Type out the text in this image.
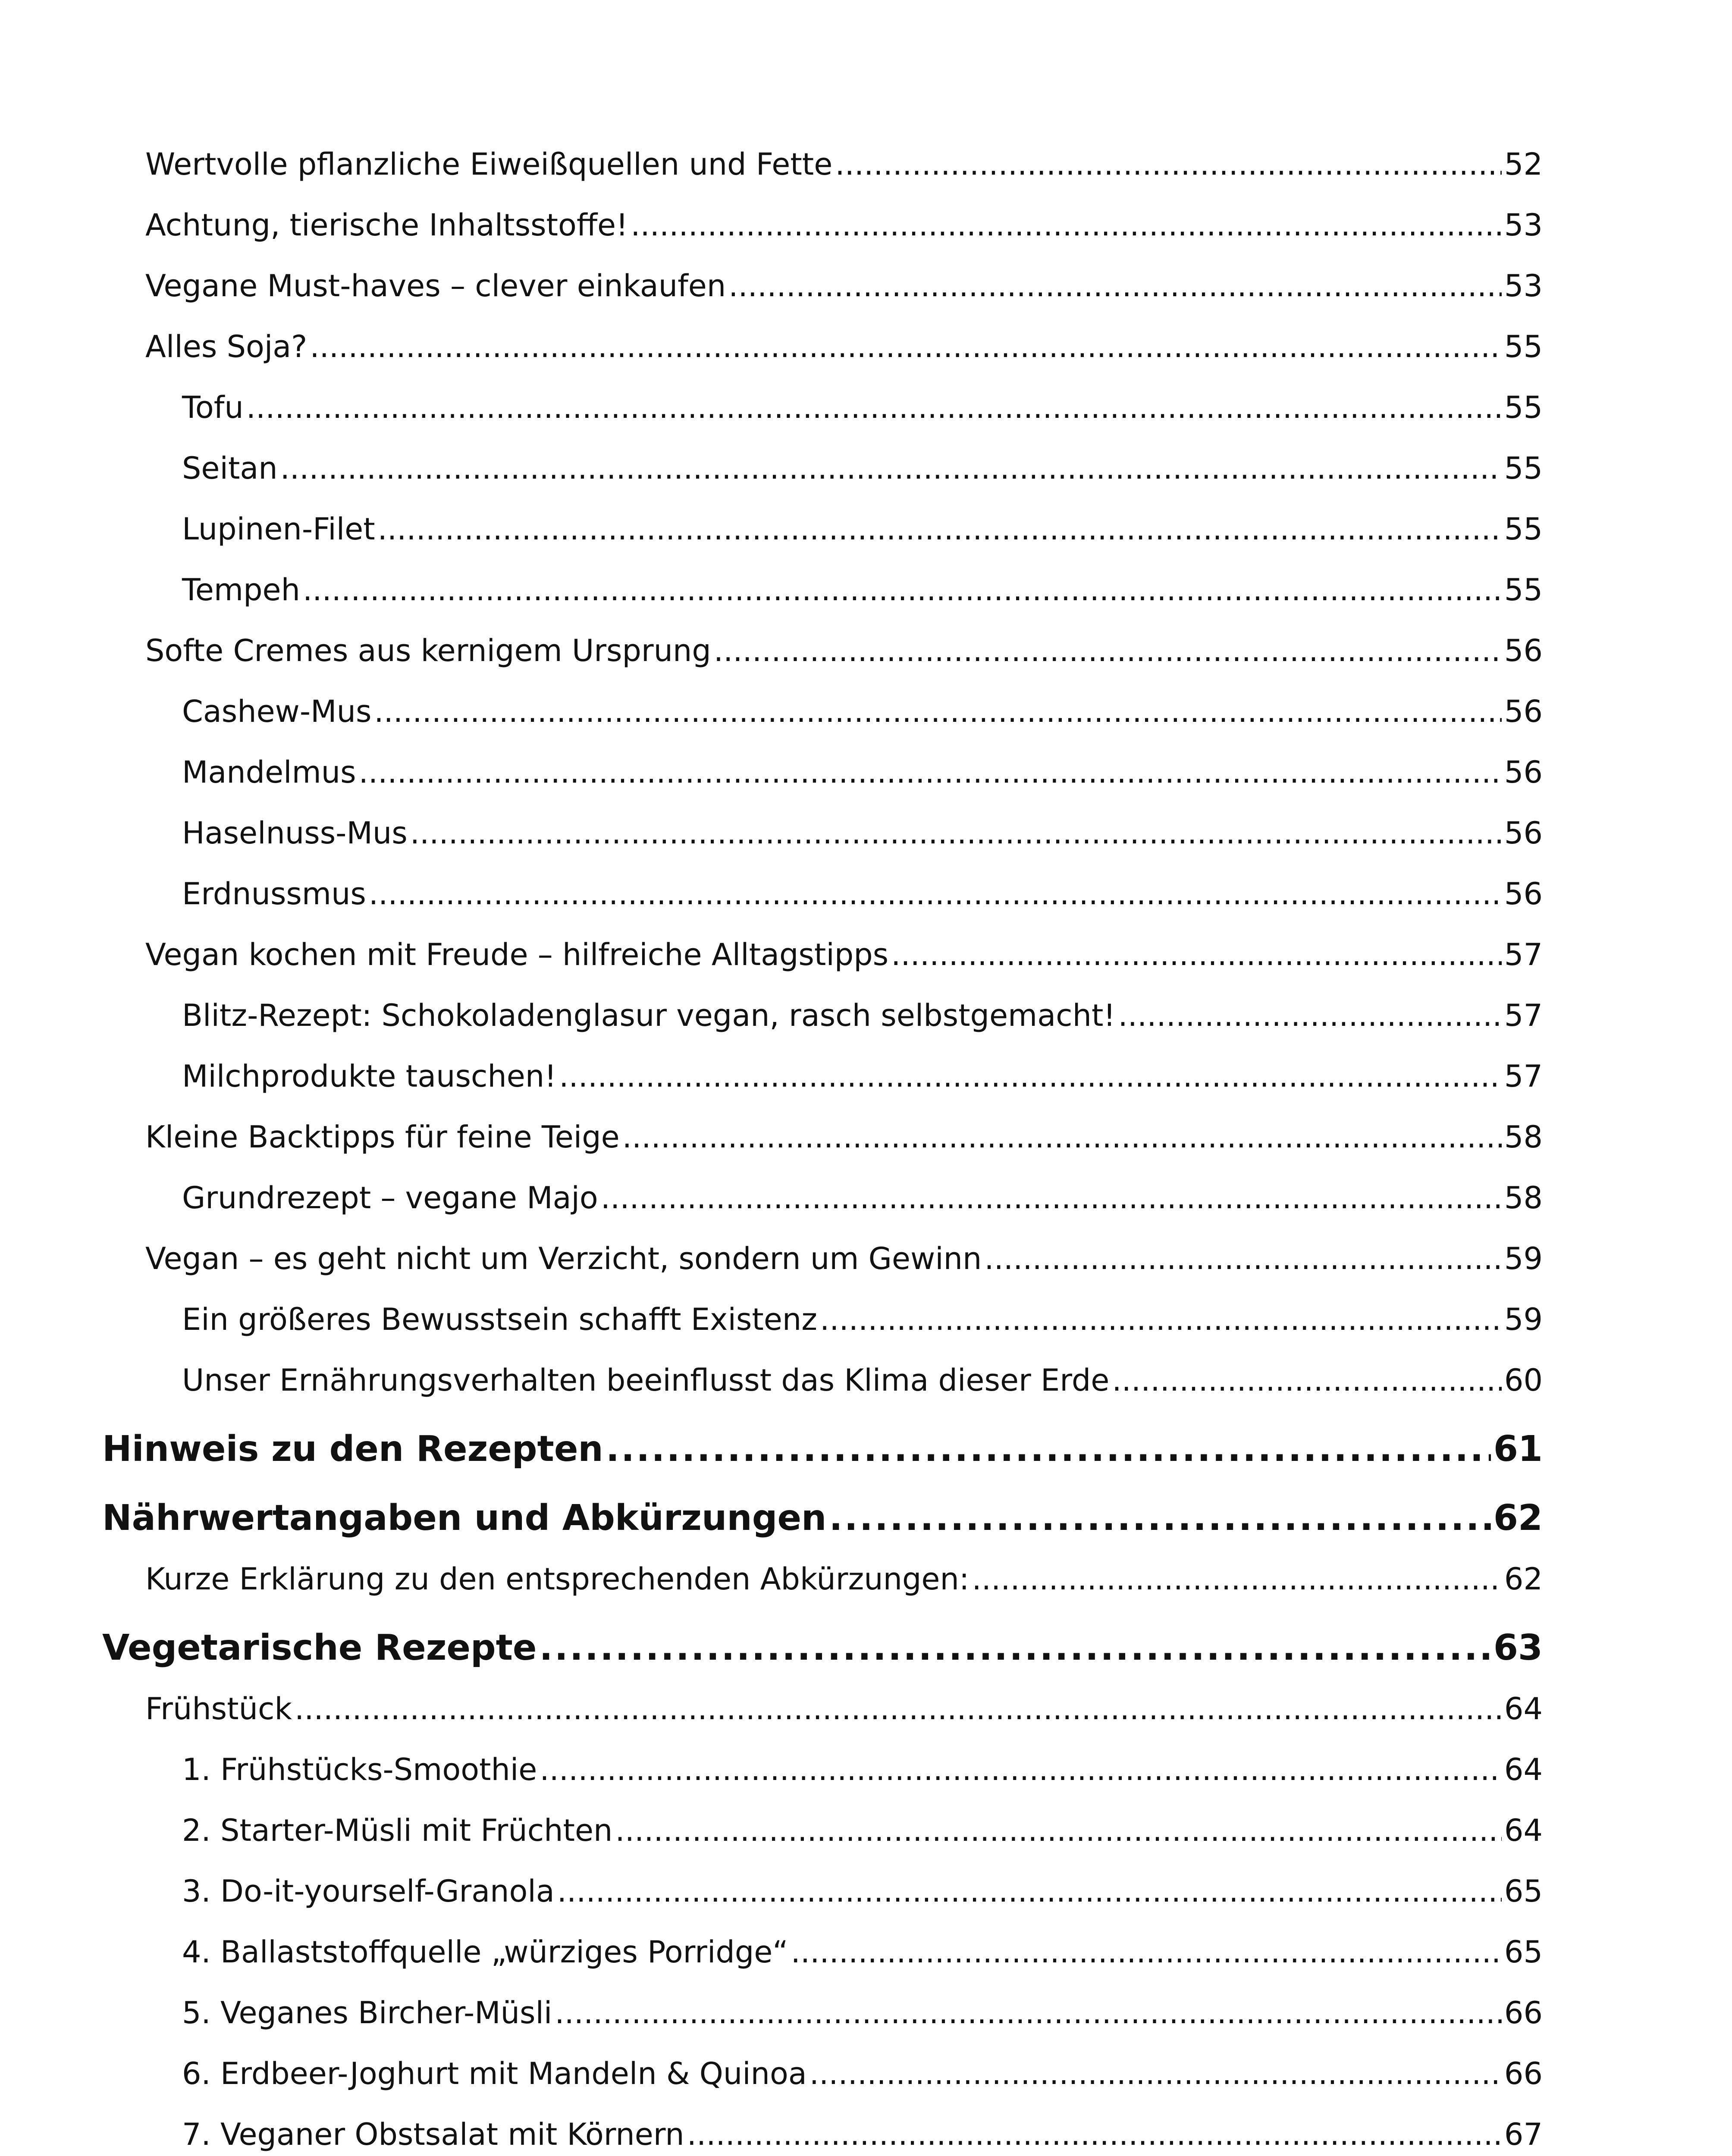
Wertvolle pflanzliche Eiweißquellen und Fette .....	52
Achtung, tierische Inhaltsstoffe! .....	53
Vegane Must-haves – clever einkaufen .....	53
Alles Soja? .....	55
Tofu .....	55
Seitan .....	55
Lupinen-Filet .....	55
Tempeh .....	55
Softe Cremes aus kernigem Ursprung .....	56
Cashew-Mus .....	56
Mandelmus .....	56
Haselnuss-Mus .....	56
Erdnussmus .....	56
Vegan kochen mit Freude – hilfreiche Alltagstipps .....	57
Blitz-Rezept: Schokoladenglasur vegan, rasch selbstgemacht! .....	57
Milchprodukte tauschen! .....	57
Kleine Backtipps für feine Teige .....	58
Grundrezept – vegane Majo .....	58
Vegan – es geht nicht um Verzicht, sondern um Gewinn .....	59
Ein größeres Bewusstsein schafft Existenz .....	59
Unser Ernährungsverhalten beeinflusst das Klima dieser Erde .....	60
Hinweis zu den Rezepten .....	61
Nährwertangaben und Abkürzungen .....	62
Kurze Erklärung zu den entsprechenden Abkürzungen: .....	62
Vegetarische Rezepte .....	63
Frühstück .....	64
1. Frühstücks-Smoothie .....	64
2. Starter-Müsli mit Früchten .....	64
3. Do-it-yourself-Granola .....	65
4. Ballaststoffquelle „würziges Porridge“ .....	65
5. Veganes Bircher-Müsli .....	66
6. Erdbeer-Joghurt mit Mandeln & Quinoa .....	66
7. Veganer Obstsalat mit Körnern .....	67
